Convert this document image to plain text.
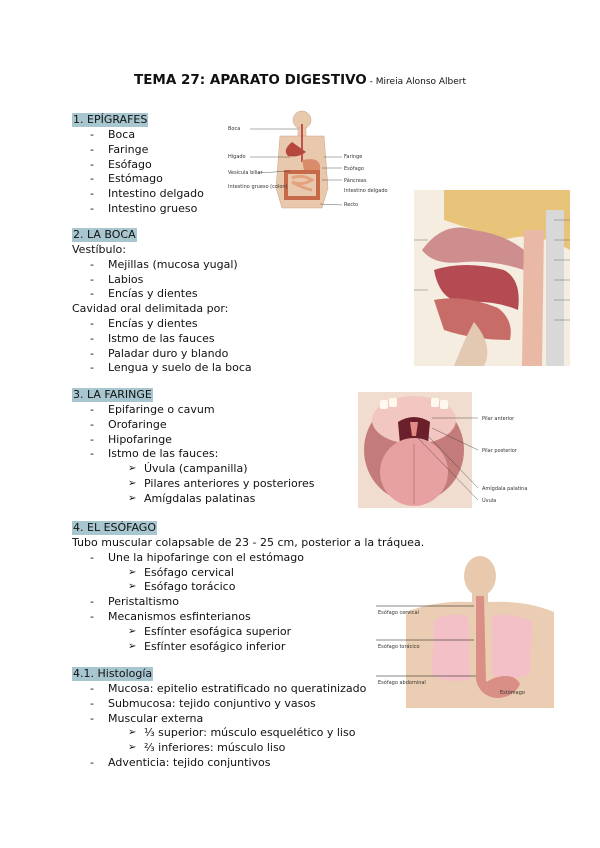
TEMA 27: APARATO DIGESTIVO - Mireia Alonso Albert
1. EPÍGRAFES
- Boca
- Faringe
- Esófago
- Estómago
- Intestino delgado
- Intestino grueso
2. LA BOCA
Vestíbulo:
- Mejillas (mucosa yugal)
- Labios
- Encías y dientes
Cavidad oral delimitada por:
- Encías y dientes
- Istmo de las fauces
- Paladar duro y blando
- Lengua y suelo de la boca
3. LA FARINGE
- Epifaringe o cavum
- Orofaringe
- Hipofaringe
- Istmo de las fauces:
➢ Úvula (campanilla)
➢ Pilares anteriores y posteriores
➢ Amígdalas palatinas
4. EL ESÓFAGO
Tubo muscular colapsable de 23 - 25 cm, posterior a la tráquea.
- Une la hipofaringe con el estómago
➢ Esófago cervical
➢ Esófago torácico
- Peristaltismo
- Mecanismos esfinterianos
➢ Esfínter esofágica superior
➢ Esfínter esofágico inferior
4.1. Histología
- Mucosa: epitelio estratificado no queratinizado
- Submucosa: tejido conjuntivo y vasos
- Muscular externa
➢ ⅓ superior: músculo esquelético y liso
➢ ⅔ inferiores: músculo liso
- Adventicia: tejido conjuntivos
Boca
Hígado
Vesícula biliar
Intestino grueso (colon)
Faringe
Esófago
Páncreas
Intestino delgado
Recto
Pilar anterior
Pilar posterior
Amígdala palatina
Úvula
Esófago cervical
Esófago torácico
Esófago abdominal
Estómago
